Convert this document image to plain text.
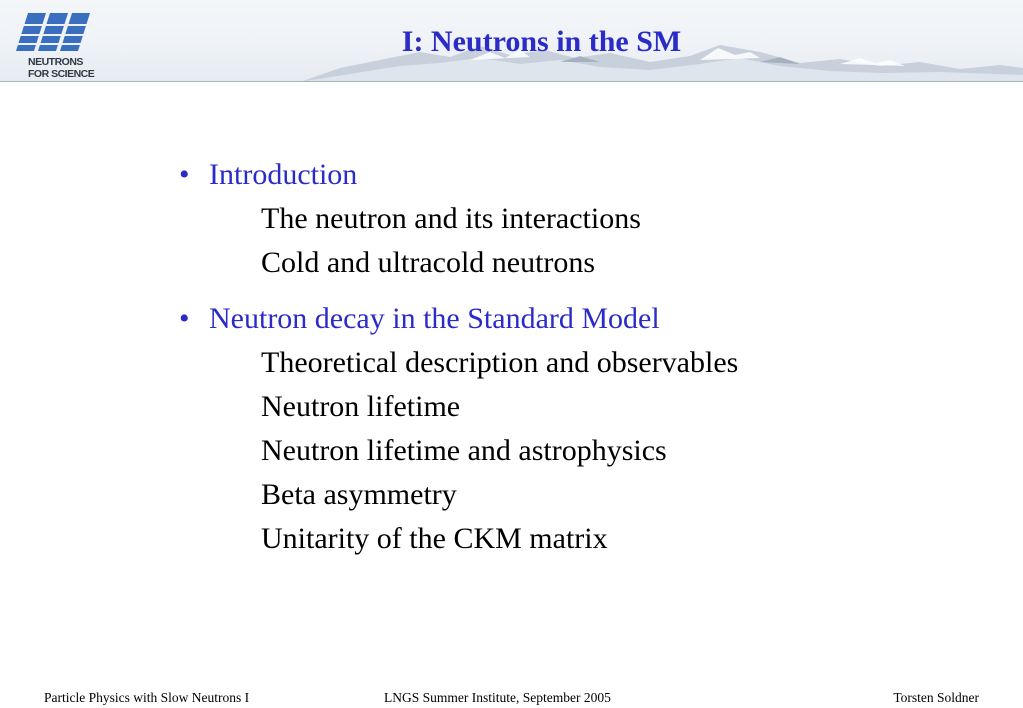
NEUTRONS
FOR SCIENCE
I: Neutrons in the SM
• Introduction
The neutron and its interactions
Cold and ultracold neutrons
• Neutron decay in the Standard Model
Theoretical description and observables
Neutron lifetime
Neutron lifetime and astrophysics
Beta asymmetry
Unitarity of the CKM matrix
Particle Physics with Slow Neutrons I	LNGS Summer Institute, September 2005	Torsten Soldner
